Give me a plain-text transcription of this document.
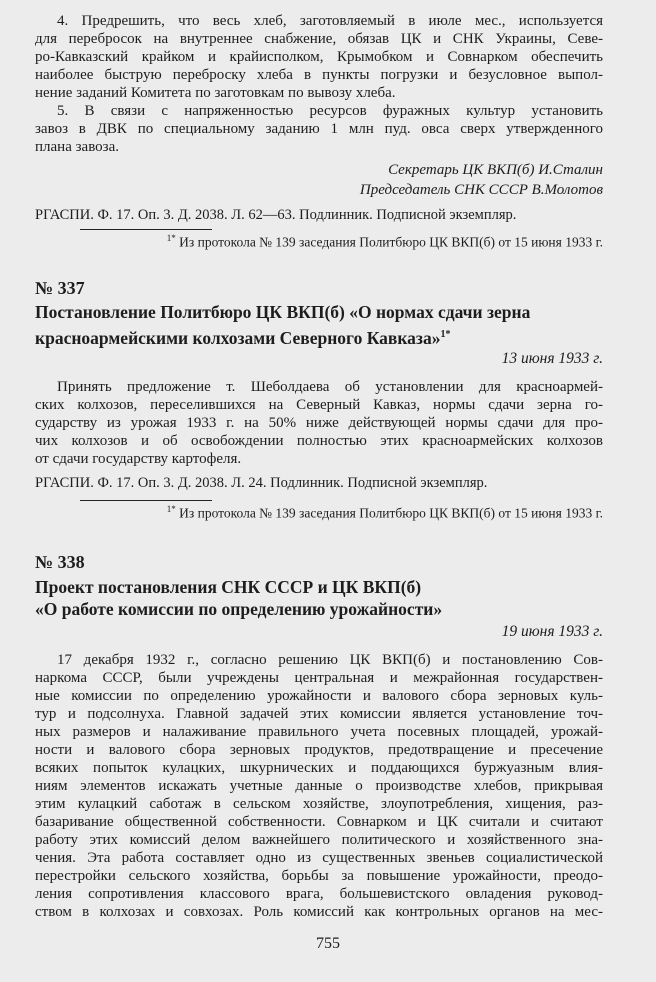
4. Предрешить, что весь хлеб, заготовляемый в июле мес., используется
для перебросок на внутреннее снабжение, обязав ЦК и СНК Украины, Севе-
ро-Кавказский крайком и крайисполком, Крымобком и Совнарком обеспечить
наиболее быструю переброску хлеба в пункты погрузки и безусловное выпол-
нение заданий Комитета по заготовкам по вывозу хлеба.
5. В связи с напряженностью ресурсов фуражных культур установить
завоз в ДВК по специальному заданию 1 млн пуд. овса сверх утвержденного
плана завоза.
Секретарь ЦК ВКП(б) И.Сталин
Председатель СНК СССР В.Молотов
РГАСПИ. Ф. 17. Оп. 3. Д. 2038. Л. 62—63. Подлинник. Подписной экземпляр.
$^{1*}$ Из протокола № 139 заседания Политбюро ЦК ВКП(б) от 15 июня 1933 г.
№ 337
Постановление Политбюро ЦК ВКП(б) «О нормах сдачи зерна
красноармейскими колхозами Северного Кавказа»$^{1*}$
13 июня 1933 г.
Принять предложение т. Шеболдаева об установлении для красноармей-
ских колхозов, переселившихся на Северный Кавказ, нормы сдачи зерна го-
сударству из урожая 1933 г. на 50% ниже действующей нормы сдачи для про-
чих колхозов и об освобождении полностью этих красноармейских колхозов
от сдачи государству картофеля.
РГАСПИ. Ф. 17. Оп. 3. Д. 2038. Л. 24. Подлинник. Подписной экземпляр.
$^{1*}$ Из протокола № 139 заседания Политбюро ЦК ВКП(б) от 15 июня 1933 г.
№ 338
Проект постановления СНК СССР и ЦК ВКП(б)
«О работе комиссии по определению урожайности»
19 июня 1933 г.
17 декабря 1932 г., согласно решению ЦК ВКП(б) и постановлению Сов-
наркома СССР, были учреждены центральная и межрайонная государствен-
ные комиссии по определению урожайности и валового сбора зерновых куль-
тур и подсолнуха. Главной задачей этих комиссии является установление точ-
ных размеров и налаживание правильного учета посевных площадей, урожай-
ности и валового сбора зерновых продуктов, предотвращение и пресечение
всяких попыток кулацких, шкурнических и поддающихся буржуазным влия-
ниям элементов искажать учетные данные о производстве хлебов, прикрывая
этим кулацкий саботаж в сельском хозяйстве, злоупотребления, хищения, раз-
базаривание общественной собственности. Совнарком и ЦК считали и считают
работу этих комиссий делом важнейшего политического и хозяйственного зна-
чения. Эта работа составляет одно из существенных звеньев социалистической
перестройки сельского хозяйства, борьбы за повышение урожайности, преодо-
ления сопротивления классового врага, большевистского овладения руковод-
ством в колхозах и совхозах. Роль комиссий как контрольных органов на мес-
755
